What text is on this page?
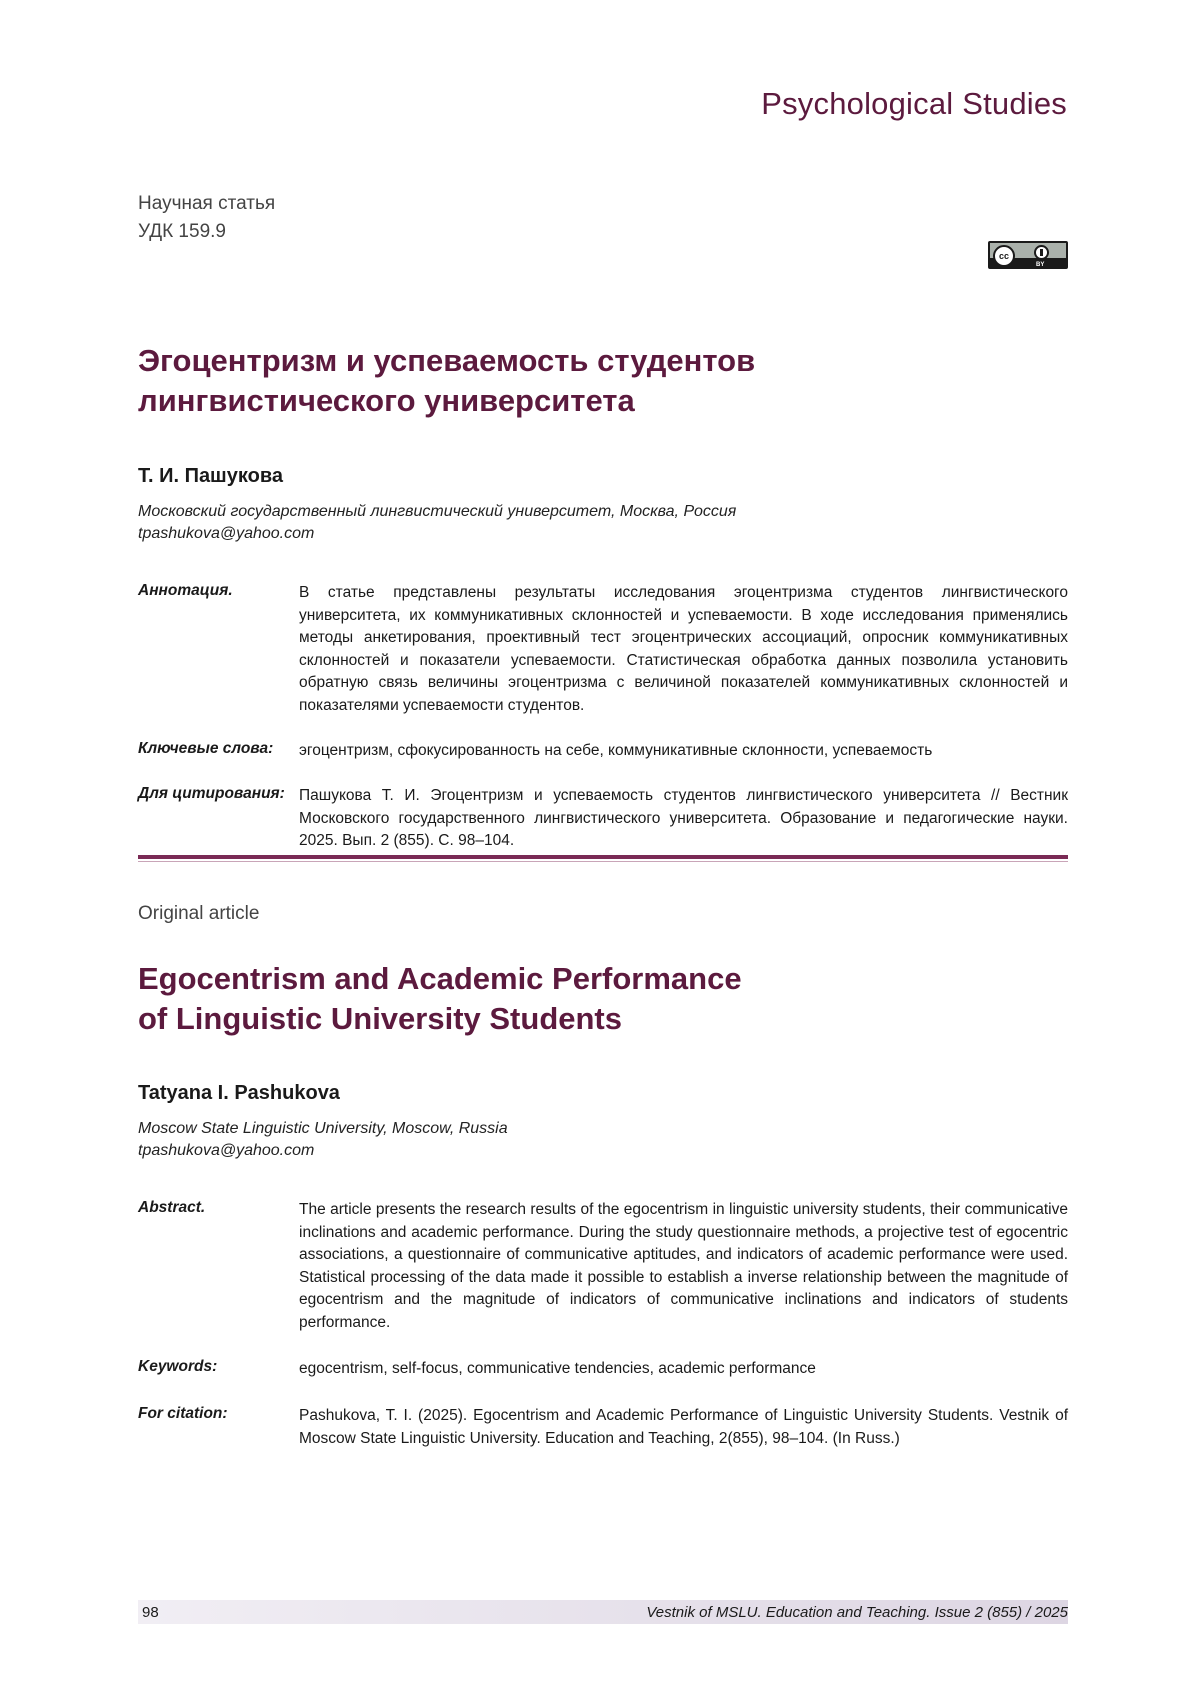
Psychological Studies
Научная статья
УДК 159.9
cc
BY
Эгоцентризм и успеваемость студентов
лингвистического университета
Т. И. Пашукова
Московский государственный лингвистический университет, Москва, Россия
tpashukova@yahoo.com
Аннотация.	В статье представлены результаты исследования эгоцентризма студентов лингвистического университета, их коммуникативных склонностей и успеваемости. В ходе исследования применялись методы анкетирования, проективный тест эгоцентрических ассоциаций, опросник коммуникативных склонностей и показатели успеваемости. Статистическая обработка данных позволила установить обратную связь величины эгоцентризма с величиной показателей коммуникативных склонностей и показателями успеваемости студентов.
Ключевые слова: эгоцентризм, сфокусированность на себе, коммуникативные склонности, успеваемость
Для цитирования: Пашукова Т. И. Эгоцентризм и успеваемость студентов лингвистического университета // Вестник Московского государственного лингвистического университета. Образование и педагогические науки. 2025. Вып. 2 (855). С. 98–104.
Original article
Egocentrism and Academic Performance
of Linguistic University Students
Tatyana I. Pashukova
Moscow State Linguistic University, Moscow, Russia
tpashukova@yahoo.com
Abstract.	The article presents the research results of the egocentrism in linguistic university students, their communicative inclinations and academic performance. During the study questionnaire methods, a projective test of egocentric associations, a questionnaire of communicative aptitudes, and indicators of academic performance were used. Statistical processing of the data made it possible to establish a inverse relationship between the magnitude of egocentrism and the magnitude of indicators of communicative inclinations and indicators of students performance.
Keywords:	egocentrism, self-focus, communicative tendencies, academic performance
For citation:	Pashukova, T. I. (2025). Egocentrism and Academic Performance of Linguistic University Students. Vestnik of Moscow State Linguistic University. Education and Teaching, 2(855), 98–104. (In Russ.)
98	Vestnik of MSLU. Education and Teaching. Issue 2 (855) / 2025
